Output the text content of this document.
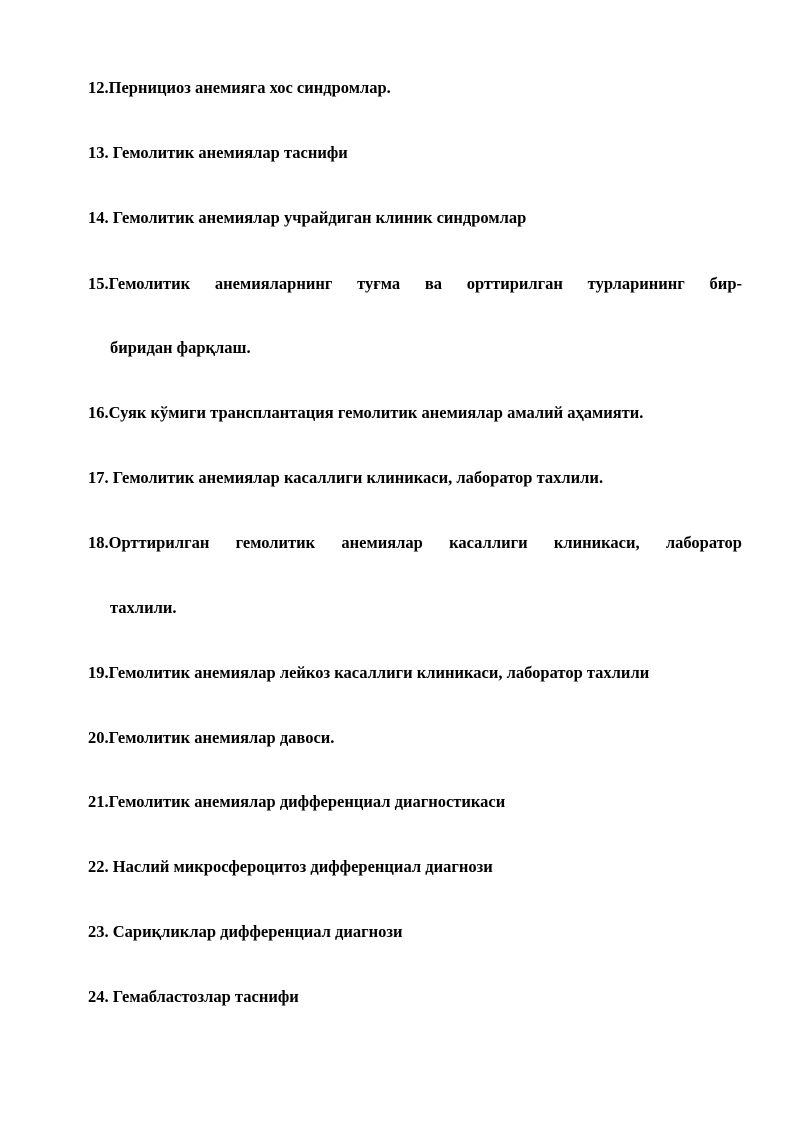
12.Пернициоз анемияга хос синдромлар.
13. Гемолитик анемиялар таснифи
14. Гемолитик анемиялар учрайдиган клиник синдромлар
15.Гемолитик анемияларнинг туғма ва орттирилган турларининг бир-
биридан фарқлаш.
16.Суяк кўмиги трансплантация гемолитик анемиялар амалий аҳамияти.
17. Гемолитик анемиялар касаллиги клиникаси, лаборатор тахлили.
18.Орттирилган гемолитик анемиялар касаллиги клиникаси, лаборатор
тахлили.
19.Гемолитик анемиялар лейкоз касаллиги клиникаси, лаборатор тахлили
20.Гемолитик анемиялар давоси.
21.Гемолитик анемиялар дифференциал диагностикаси
22. Наслий микросфероцитоз дифференциал диагнози
23. Сариқликлар дифференциал диагнози
24. Гемабластозлар таснифи
